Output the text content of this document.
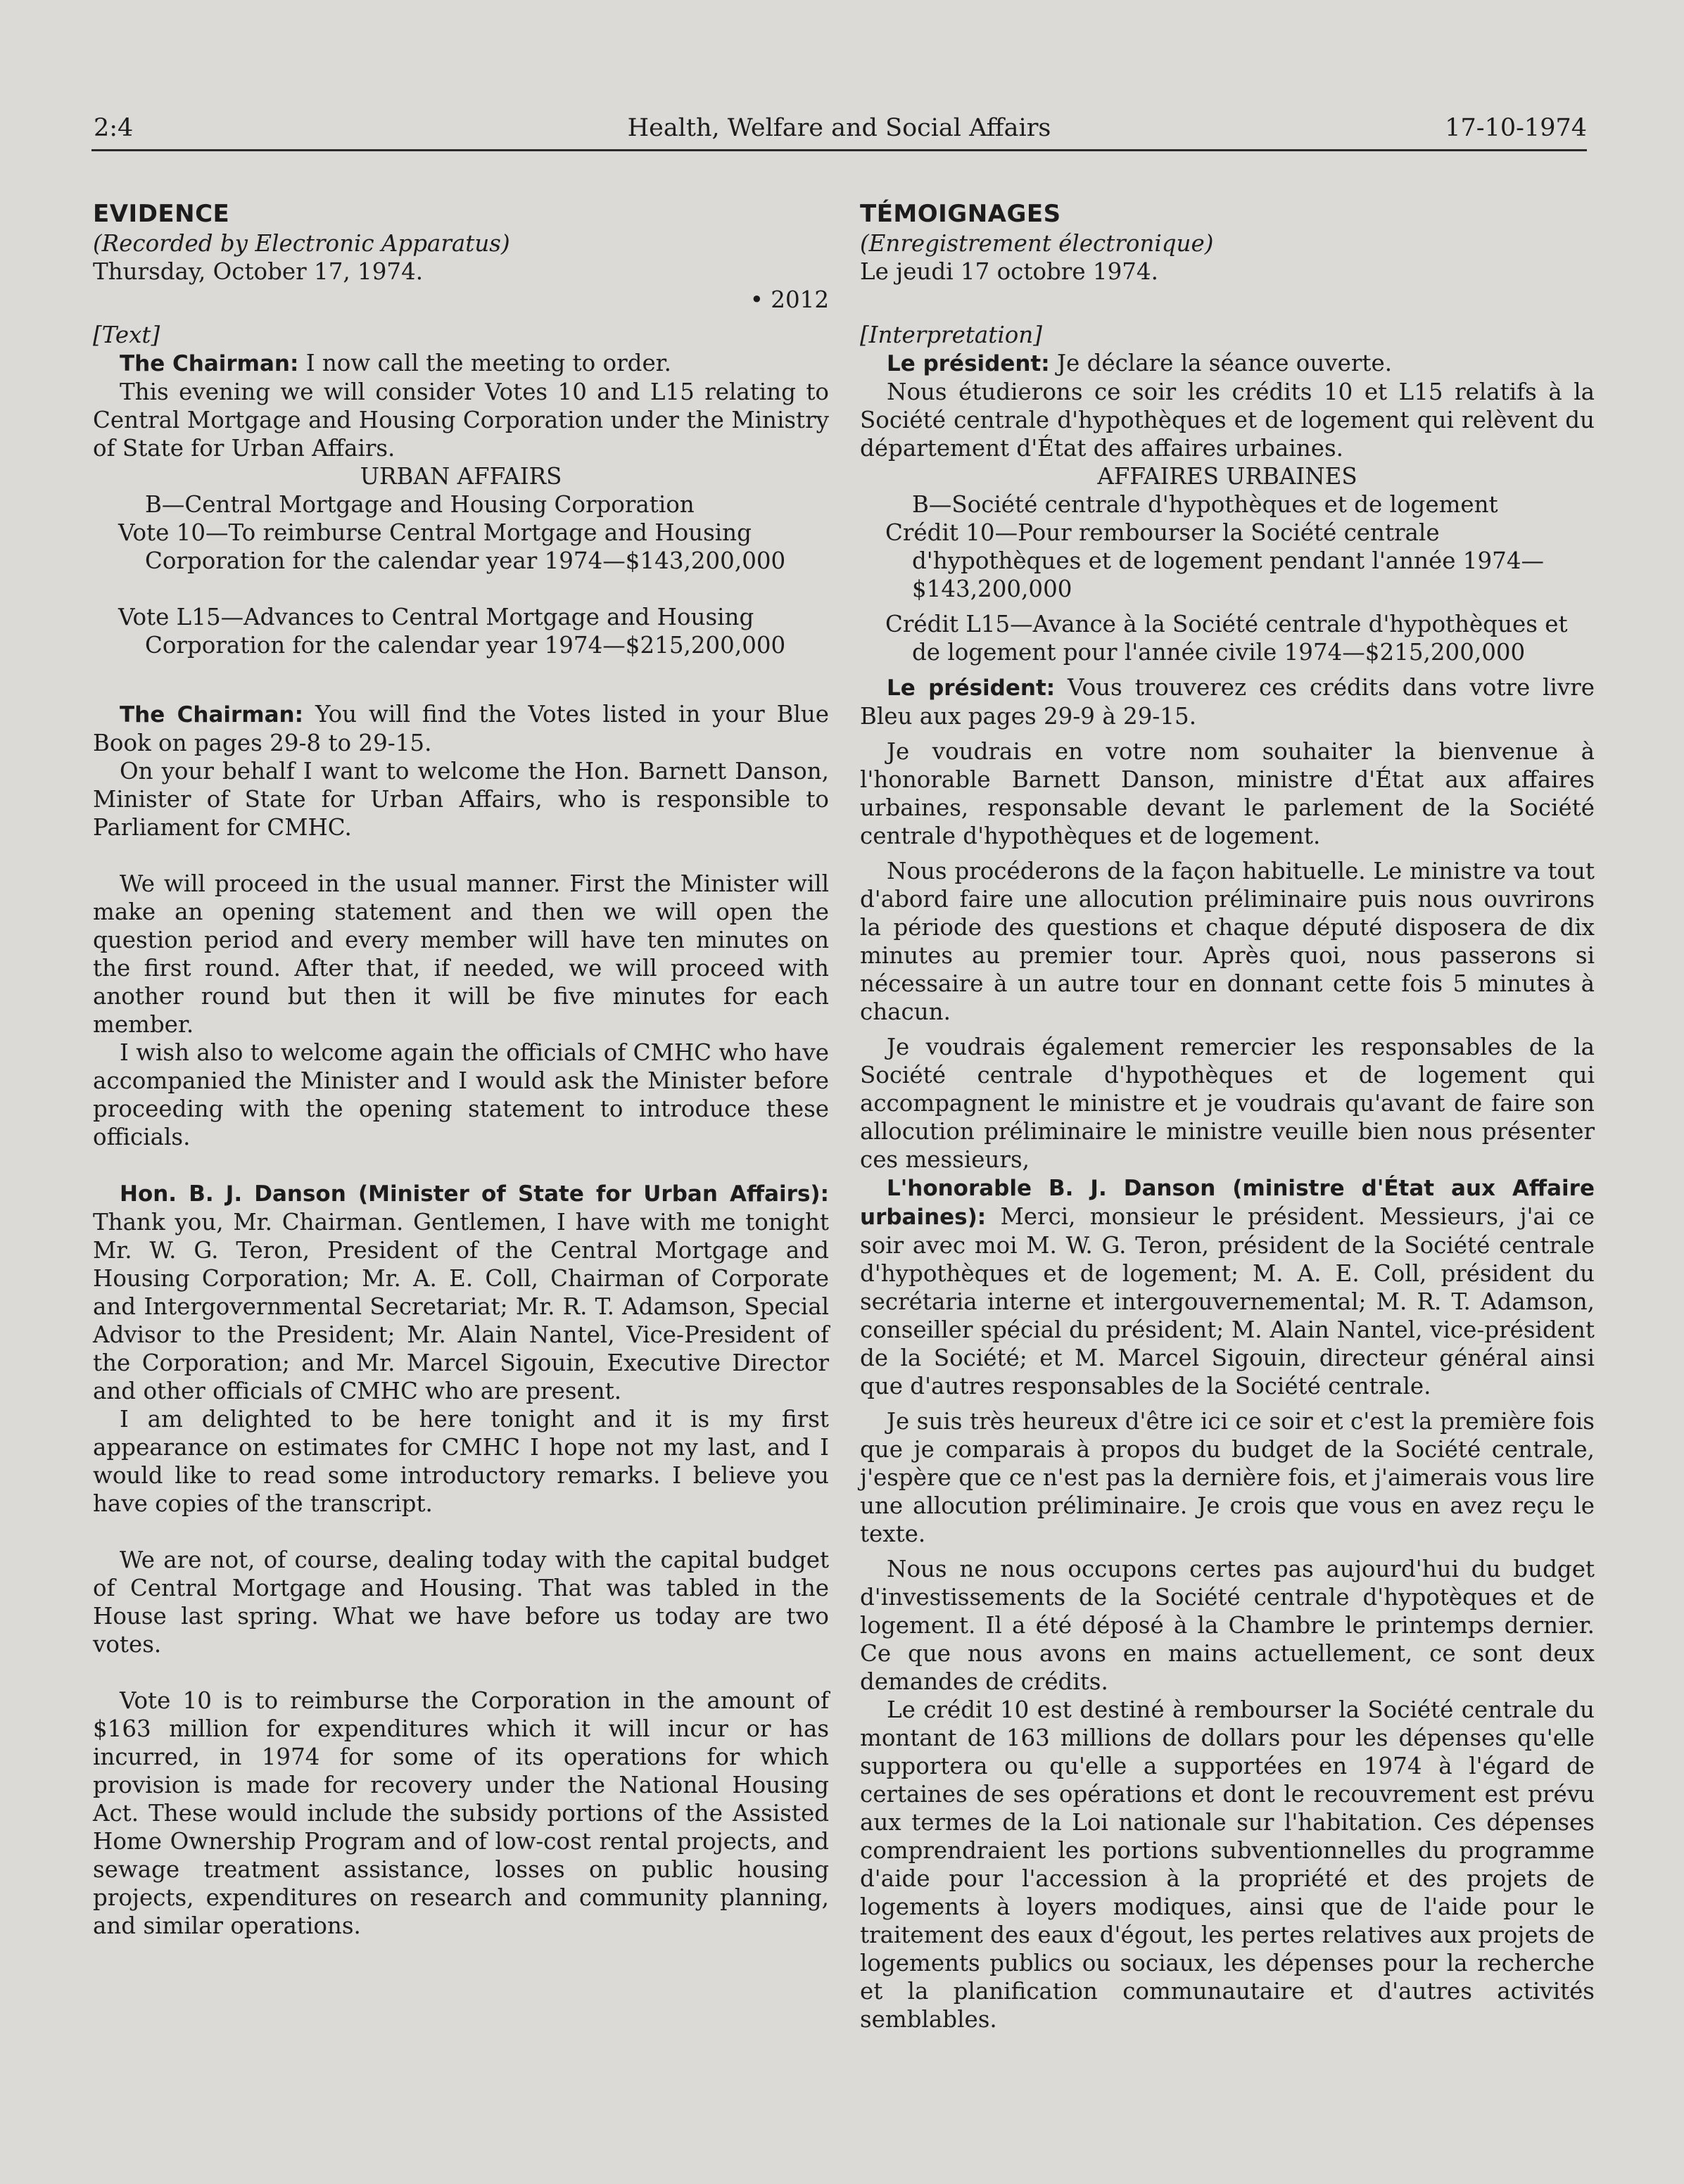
2:4	Health, Welfare and Social Affairs	17-10-1974
EVIDENCE

(Recorded by Electronic Apparatus)

Thursday, October 17, 1974.

• 2012

[Text]

The Chairman: I now call the meeting to order.

This evening we will consider Votes 10 and L15 relating to Central Mortgage and Housing Corporation under the Ministry of State for Urban Affairs.

URBAN AFFAIRS

B—Central Mortgage and Housing Corporation

Vote 10—To reimburse Central Mortgage and Housing Corporation for the calendar year 1974—$143,200,000

Vote L15—Advances to Central Mortgage and Housing Corporation for the calendar year 1974—$215,200,000

The Chairman: You will find the Votes listed in your Blue Book on pages 29-8 to 29-15.

On your behalf I want to welcome the Hon. Barnett Danson, Minister of State for Urban Affairs, who is responsible to Parliament for CMHC.

We will proceed in the usual manner. First the Minister will make an opening statement and then we will open the question period and every member will have ten minutes on the first round. After that, if needed, we will proceed with another round but then it will be five minutes for each member.

I wish also to welcome again the officials of CMHC who have accompanied the Minister and I would ask the Minister before proceeding with the opening statement to introduce these officials.

Hon. B. J. Danson (Minister of State for Urban Affairs): Thank you, Mr. Chairman. Gentlemen, I have with me tonight Mr. W. G. Teron, President of the Central Mortgage and Housing Corporation; Mr. A. E. Coll, Chairman of Corporate and Intergovernmental Secretariat; Mr. R. T. Adamson, Special Advisor to the President; Mr. Alain Nantel, Vice-President of the Corporation; and Mr. Marcel Sigouin, Executive Director and other officials of CMHC who are present.

I am delighted to be here tonight and it is my first appearance on estimates for CMHC I hope not my last, and I would like to read some introductory remarks. I believe you have copies of the transcript.

We are not, of course, dealing today with the capital budget of Central Mortgage and Housing. That was tabled in the House last spring. What we have before us today are two votes.

Vote 10 is to reimburse the Corporation in the amount of $163 million for expenditures which it will incur or has incurred, in 1974 for some of its operations for which provision is made for recovery under the National Housing Act. These would include the subsidy portions of the Assisted Home Ownership Program and of low-cost rental projects, and sewage treatment assistance, losses on public housing projects, expenditures on research and community planning, and similar operations.

TÉMOIGNAGES

(Enregistrement électronique)

Le jeudi 17 octobre 1974.

[Interpretation]

Le président: Je déclare la séance ouverte.

Nous étudierons ce soir les crédits 10 et L15 relatifs à la Société centrale d'hypothèques et de logement qui relèvent du département d'État des affaires urbaines.

AFFAIRES URBAINES

B—Société centrale d'hypothèques et de logement

Crédit 10—Pour rembourser la Société centrale d'hypothèques et de logement pendant l'année 1974—$143,200,000

Crédit L15—Avance à la Société centrale d'hypothèques et de logement pour l'année civile 1974—$215,200,000

Le président: Vous trouverez ces crédits dans votre livre Bleu aux pages 29-9 à 29-15.

Je voudrais en votre nom souhaiter la bienvenue à l'honorable Barnett Danson, ministre d'État aux affaires urbaines, responsable devant le parlement de la Société centrale d'hypothèques et de logement.

Nous procéderons de la façon habituelle. Le ministre va tout d'abord faire une allocution préliminaire puis nous ouvrirons la période des questions et chaque député disposera de dix minutes au premier tour. Après quoi, nous passerons si nécessaire à un autre tour en donnant cette fois 5 minutes à chacun.

Je voudrais également remercier les responsables de la Société centrale d'hypothèques et de logement qui accompagnent le ministre et je voudrais qu'avant de faire son allocution préliminaire le ministre veuille bien nous présenter ces messieurs,

L'honorable B. J. Danson (ministre d'État aux Affaire urbaines): Merci, monsieur le président. Messieurs, j'ai ce soir avec moi M. W. G. Teron, président de la Société centrale d'hypothèques et de logement; M. A. E. Coll, président du secrétaria interne et intergouvernemental; M. R. T. Adamson, conseiller spécial du président; M. Alain Nantel, vice-président de la Société; et M. Marcel Sigouin, directeur général ainsi que d'autres responsables de la Société centrale.

Je suis très heureux d'être ici ce soir et c'est la première fois que je comparais à propos du budget de la Société centrale, j'espère que ce n'est pas la dernière fois, et j'aimerais vous lire une allocution préliminaire. Je crois que vous en avez reçu le texte.

Nous ne nous occupons certes pas aujourd'hui du budget d'investissements de la Société centrale d'hypotèques et de logement. Il a été déposé à la Chambre le printemps dernier. Ce que nous avons en mains actuellement, ce sont deux demandes de crédits.

Le crédit 10 est destiné à rembourser la Société centrale du montant de 163 millions de dollars pour les dépenses qu'elle supportera ou qu'elle a supportées en 1974 à l'égard de certaines de ses opérations et dont le recouvrement est prévu aux termes de la Loi nationale sur l'habitation. Ces dépenses comprendraient les portions subventionnelles du programme d'aide pour l'accession à la propriété et des projets de logements à loyers modiques, ainsi que de l'aide pour le traitement des eaux d'égout, les pertes relatives aux projets de logements publics ou sociaux, les dépenses pour la recherche et la planification communautaire et d'autres activités semblables.
